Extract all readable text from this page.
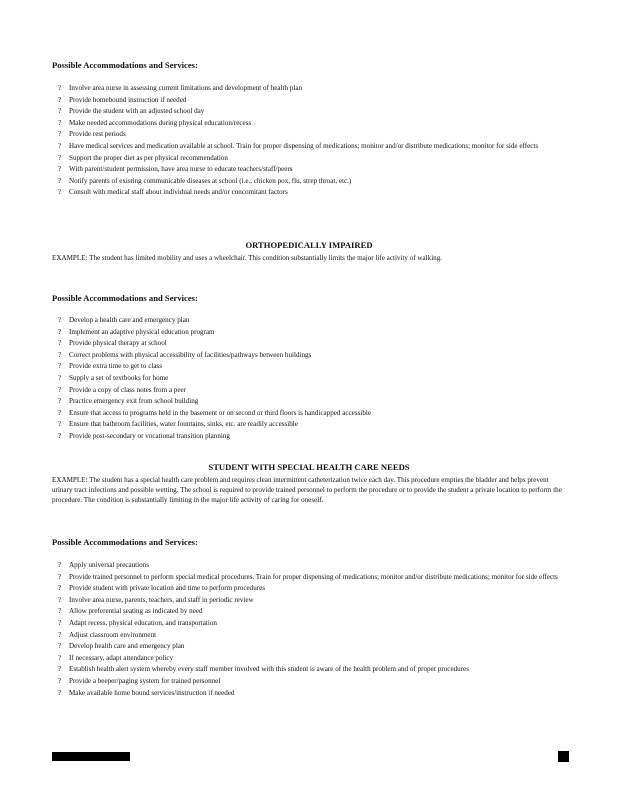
Possible Accommodations and Services:
? Involve area nurse in assessing current limitations and development of health plan
? Provide homebound instruction if needed
? Provide the student with an adjusted school day
? Make needed accommodations during physical education/recess
? Provide rest periods
? Have medical services and medication available at school. Train for proper dispensing of medications; monitor and/or distribute medications; monitor for side effects
? Support the proper diet as per physical recommendation
? With parent/student permission, have area nurse to educate teachers/staff/peers
? Notify parents of existing communicable diseases at school (i.e., chicken pox, flu, strep throat, etc.)
? Consult with medical staff about individual needs and/or concomitant factors
ORTHOPEDICALLY IMPAIRED
EXAMPLE: The student has limited mobility and uses a wheelchair. This condition substantially limits the major life activity of walking.
Possible Accommodations and Services:
? Develop a health care and emergency plan
? Implement an adaptive physical education program
? Provide physical therapy at school
? Correct problems with physical accessibility of facilities/pathways between buildings
? Provide extra time to get to class
? Supply a set of textbooks for home
? Provide a copy of class notes from a peer
? Practice emergency exit from school building
? Ensure that access to programs held in the basement or on second or third floors is handicapped accessible
? Ensure that bathroom facilities, water fountains, sinks, etc. are readily accessible
? Provide post-secondary or vocational transition planning
STUDENT WITH SPECIAL HEALTH CARE NEEDS
EXAMPLE: The student has a special health care problem and requires clean intermittent catheterization twice each day. This procedure empties the bladder and helps prevent urinary tract infections and possible wetting. The school is required to provide trained personnel to perform the procedure or to provide the student a private location to perform the procedure. The condition is substantially limiting in the major life activity of caring for oneself.
Possible Accommodations and Services:
? Apply universal precautions
? Provide trained personnel to perform special medical procedures. Train for proper dispensing of medications; monitor and/or distribute medications; monitor for side effects
? Provide student with private location and time to perform procedures
? Involve area nurse, parents, teachers, and staff in periodic review
? Allow preferential seating as indicated by need
? Adapt recess, physical education, and transportation
? Adjust classroom environment
? Develop health care and emergency plan
? If necessary, adapt attendance policy
? Establish health alert system whereby every staff member involved with this student is aware of the health problem and of proper procedures
? Provide a beeper/paging system for trained personnel
? Make available home bound services/instruction if needed
